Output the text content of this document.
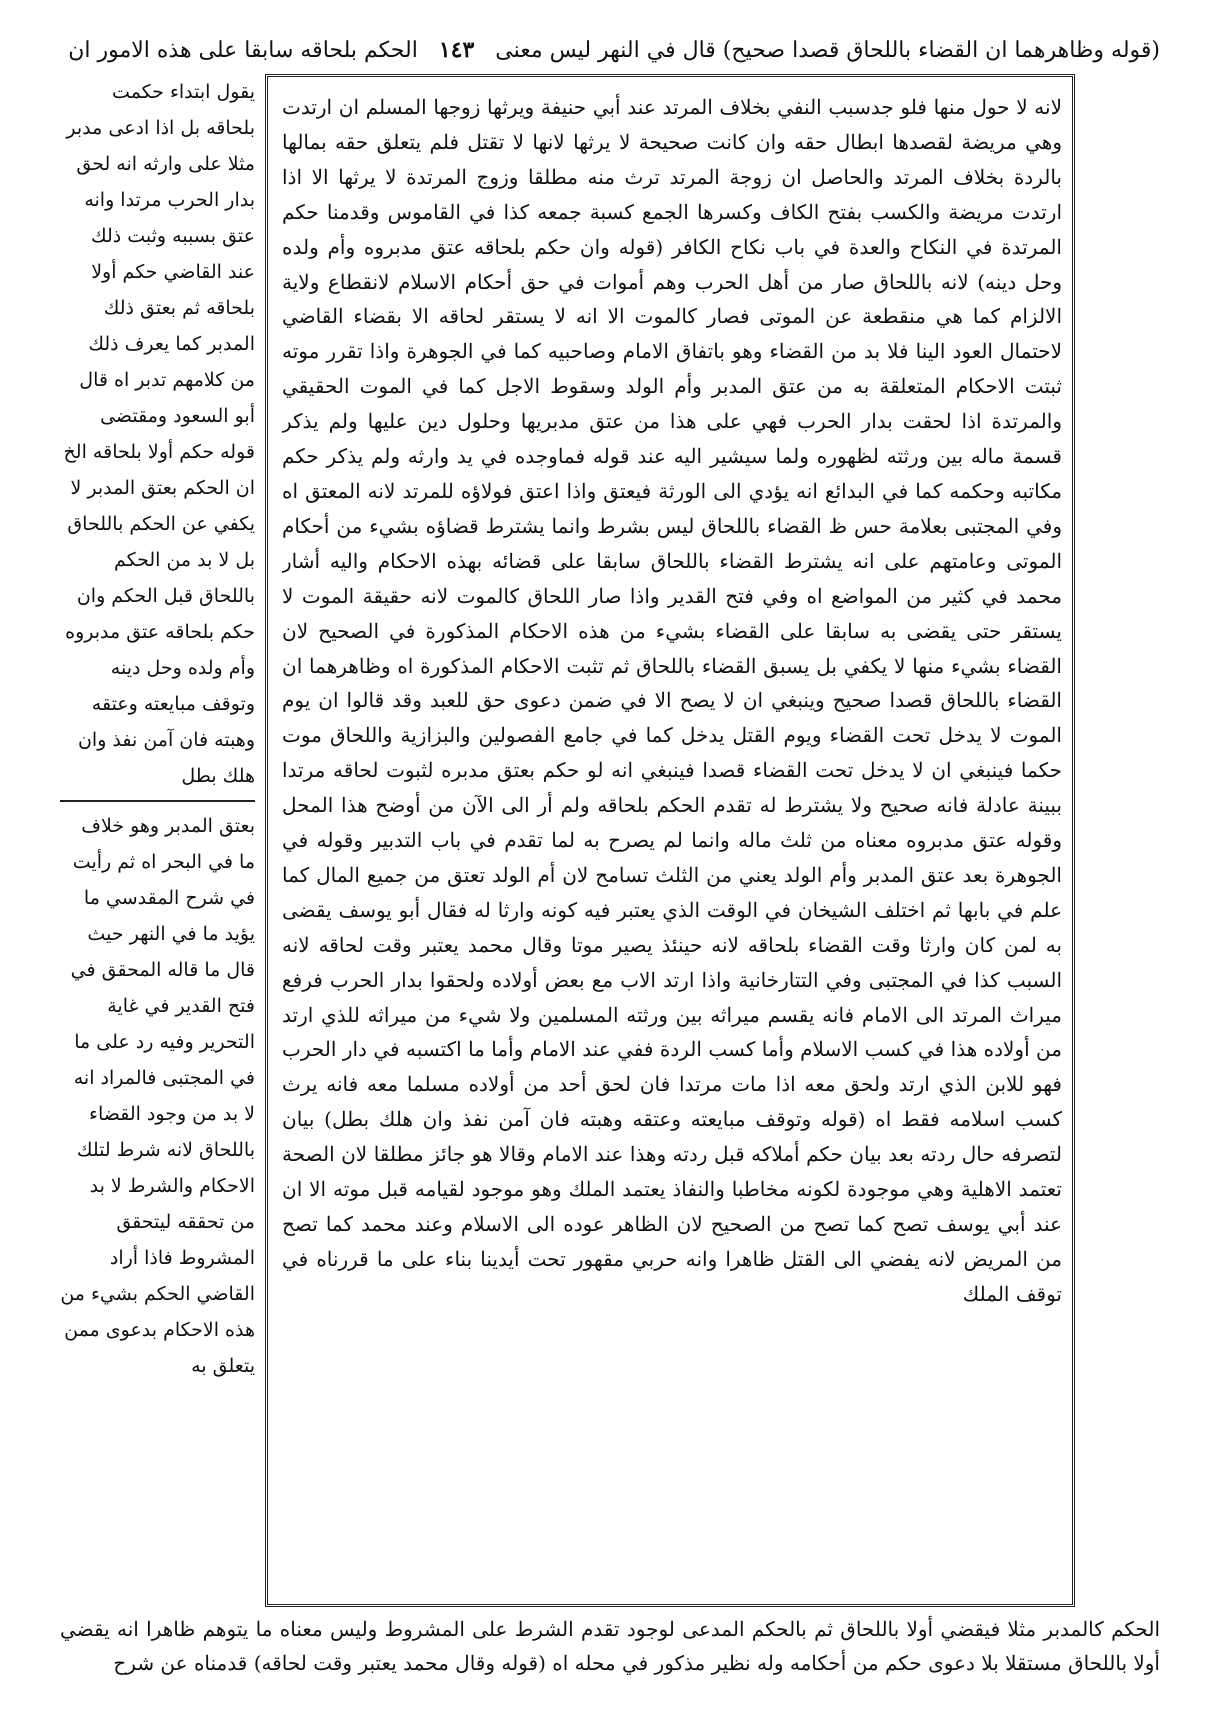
(قوله وظاهرهما ان القضاء باللحاق قصدا صحيح) قال في النهر ليس معنى ١٤٣ الحكم بلحاقه سابقا على هذه الامور ان

لانه لا حول منها فلو جدسبب النفي بخلاف المرتد عند أبي حنيفة ويرثها زوجها المسلم ان ارتدت وهي مريضة لقصدها ابطال حقه وان كانت صحيحة لا يرثها لانها لا تقتل فلم يتعلق حقه بمالها بالردة بخلاف المرتد والحاصل ان زوجة المرتد ترث منه مطلقا وزوج المرتدة لا يرثها الا اذا ارتدت مريضة والكسب بفتح الكاف وكسرها الجمع كسبة جمعه كذا في القاموس وقدمنا حكم المرتدة في النكاح والعدة في باب نكاح الكافر (قوله وان حكم بلحاقه عتق مدبروه وأم ولده وحل دينه) لانه باللحاق صار من أهل الحرب وهم أموات في حق أحكام الاسلام لانقطاع ولاية الالزام كما هي منقطعة عن الموتى فصار كالموت الا انه لا يستقر لحاقه الا بقضاء القاضي لاحتمال العود الينا فلا بد من القضاء وهو باتفاق الامام وصاحبيه كما في الجوهرة واذا تقرر موته ثبتت الاحكام المتعلقة به من عتق المدبر وأم الولد وسقوط الاجل كما في الموت الحقيقي والمرتدة اذا لحقت بدار الحرب فهي على هذا من عتق مدبريها وحلول دين عليها ولم يذكر قسمة ماله بين ورثته لظهوره ولما سيشير اليه عند قوله فماوجده في يد وارثه ولم يذكر حكم مكاتبه وحكمه كما في البدائع انه يؤدي الى الورثة فيعتق واذا اعتق فولاؤه للمرتد لانه المعتق اه وفي المجتبى بعلامة حس ظ القضاء باللحاق ليس بشرط وانما يشترط قضاؤه بشيء من أحكام الموتى وعامتهم على انه يشترط القضاء باللحاق سابقا على قضائه بهذه الاحكام واليه أشار محمد في كثير من المواضع اه وفي فتح القدير واذا صار اللحاق كالموت لانه حقيقة الموت لا يستقر حتى يقضى به سابقا على القضاء بشيء من هذه الاحكام المذكورة في الصحيح لان القضاء بشيء منها لا يكفي بل يسبق القضاء باللحاق ثم تثبت الاحكام المذكورة اه وظاهرهما ان القضاء باللحاق قصدا صحيح وينبغي ان لا يصح الا في ضمن دعوى حق للعبد وقد قالوا ان يوم الموت لا يدخل تحت القضاء ويوم القتل يدخل كما في جامع الفصولين والبزازية واللحاق موت حكما فينبغي ان لا يدخل تحت القضاء قصدا فينبغي انه لو حكم بعتق مدبره لثبوت لحاقه مرتدا ببينة عادلة فانه صحيح ولا يشترط له تقدم الحكم بلحاقه ولم أر الى الآن من أوضح هذا المحل وقوله عتق مدبروه معناه من ثلث ماله وانما لم يصرح به لما تقدم في باب التدبير وقوله في الجوهرة بعد عتق المدبر وأم الولد يعني من الثلث تسامح لان أم الولد تعتق من جميع المال كما علم في بابها ثم اختلف الشيخان في الوقت الذي يعتبر فيه كونه وارثا له فقال أبو يوسف يقضى به لمن كان وارثا وقت القضاء بلحاقه لانه حينئذ يصير موتا وقال محمد يعتبر وقت لحاقه لانه السبب كذا في المجتبى وفي التتارخانية واذا ارتد الاب مع بعض أولاده ولحقوا بدار الحرب فرفع ميراث المرتد الى الامام فانه يقسم ميراثه بين ورثته المسلمين ولا شيء من ميراثه للذي ارتد من أولاده هذا في كسب الاسلام وأما كسب الردة ففي عند الامام وأما ما اكتسبه في دار الحرب فهو للابن الذي ارتد ولحق معه اذا مات مرتدا فان لحق أحد من أولاده مسلما معه فانه يرث كسب اسلامه فقط اه (قوله وتوقف مبايعته وعتقه وهبته فان آمن نفذ وان هلك بطل) بيان لتصرفه حال ردته بعد بيان حكم أملاكه قبل ردته وهذا عند الامام وقالا هو جائز مطلقا لان الصحة تعتمد الاهلية وهي موجودة لكونه مخاطبا والنفاذ يعتمد الملك وهو موجود لقيامه قبل موته الا ان عند أبي يوسف تصح كما تصح من الصحيح لان الظاهر عوده الى الاسلام وعند محمد كما تصح من المريض لانه يفضي الى القتل ظاهرا وانه حربي مقهور تحت أيدينا بناء على ما قررناه في توقف الملك

يقول ابتداء حكمت بلحاقه بل اذا ادعى مدبر مثلا على وارثه انه لحق بدار الحرب مرتدا وانه عتق بسببه وثبت ذلك عند القاضي حكم أولا بلحاقه ثم بعتق ذلك المدبر كما يعرف ذلك من كلامهم تدبر اه قال أبو السعود ومقتضى قوله حكم أولا بلحاقه الخ ان الحكم بعتق المدبر لا يكفي عن الحكم باللحاق بل لا بد من الحكم باللحاق قبل الحكم وان حكم بلحاقه عتق مدبروه وأم ولده وحل دينه وتوقف مبايعته وعتقه وهبته فان آمن نفذ وان هلك بطل
بعتق المدبر وهو خلاف ما في البحر اه ثم رأيت في شرح المقدسي ما يؤيد ما في النهر حيث قال ما قاله المحقق في فتح القدير في غاية التحرير وفيه رد على ما في المجتبى فالمراد انه لا بد من وجود القضاء باللحاق لانه شرط لتلك الاحكام والشرط لا بد من تحققه ليتحقق المشروط فاذا أراد القاضي الحكم بشيء من هذه الاحكام بدعوى ممن يتعلق به

الحكم كالمدبر مثلا فيقضي أولا باللحاق ثم بالحكم المدعى لوجود تقدم الشرط على المشروط وليس معناه ما يتوهم ظاهرا انه يقضي أولا باللحاق مستقلا بلا دعوى حكم من أحكامه وله نظير مذكور في محله اه (قوله وقال محمد يعتبر وقت لحاقه) قدمناه عن شرح
